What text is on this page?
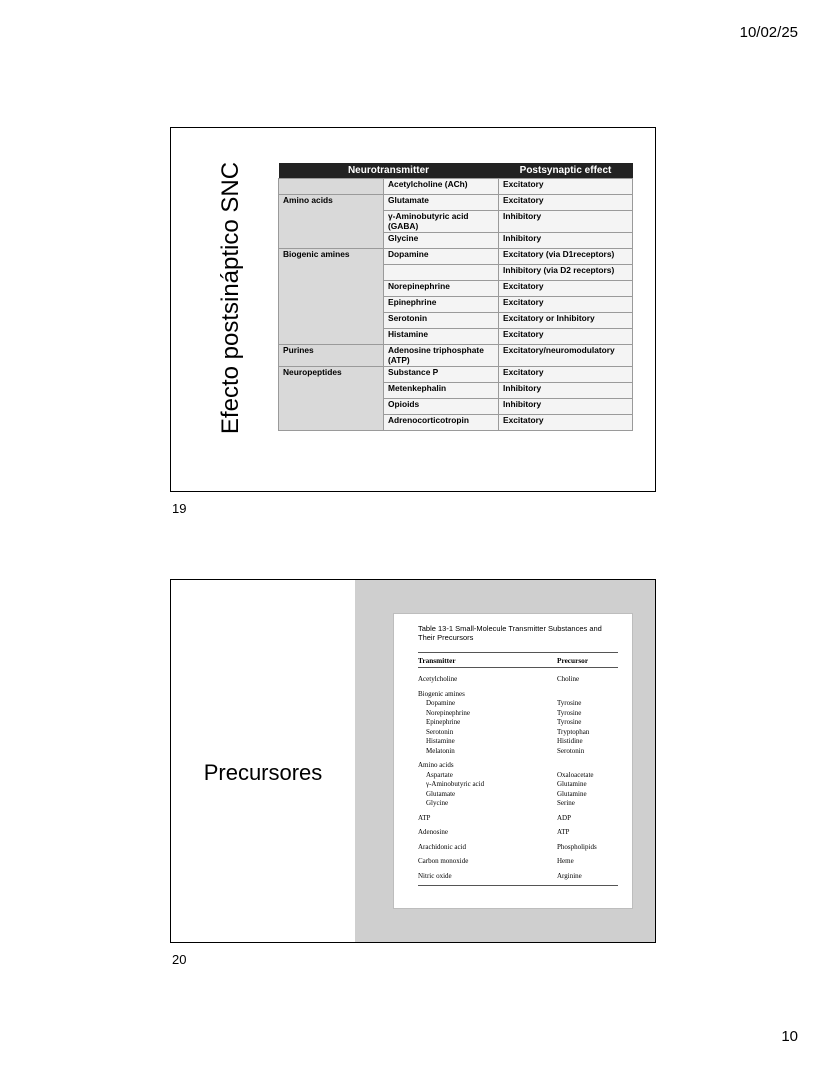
10/02/25
Efecto postsináptico SNC	Neurotransmitter		Postsynaptic effect
	Acetylcholine (ACh)	Excitatory
Amino acids	Glutamate	Excitatory
	γ-Aminobutyric acid (GABA)	Inhibitory
	Glycine	Inhibitory
Biogenic amines	Dopamine	Excitatory (via D1receptors)
		Inhibitory (via D2 receptors)
	Norepinephrine	Excitatory
	Epinephrine	Excitatory
	Serotonin	Excitatory or Inhibitory
	Histamine	Excitatory
Purines	Adenosine triphosphate (ATP)	Excitatory/neuromodulatory
Neuropeptides	Substance P	Excitatory
	Metenkephalin	Inhibitory
	Opioids	Inhibitory
	Adrenocorticotropin	Excitatory
19
Precursores
Table 13-1 Small-Molecule Transmitter Substances and Their Precursors
Transmitter	Precursor
Acetylcholine	Choline
Biogenic amines
Dopamine	Tyrosine
Norepinephrine	Tyrosine
Epinephrine	Tyrosine
Serotonin	Tryptophan
Histamine	Histidine
Melatonin	Serotonin
Amino acids
Aspartate	Oxaloacetate
γ-Aminobutyric acid	Glutamine
Glutamate	Glutamine
Glycine	Serine
ATP	ADP
Adenosine	ATP
Arachidonic acid	Phospholipids
Carbon monoxide	Heme
Nitric oxide	Arginine
20
10
